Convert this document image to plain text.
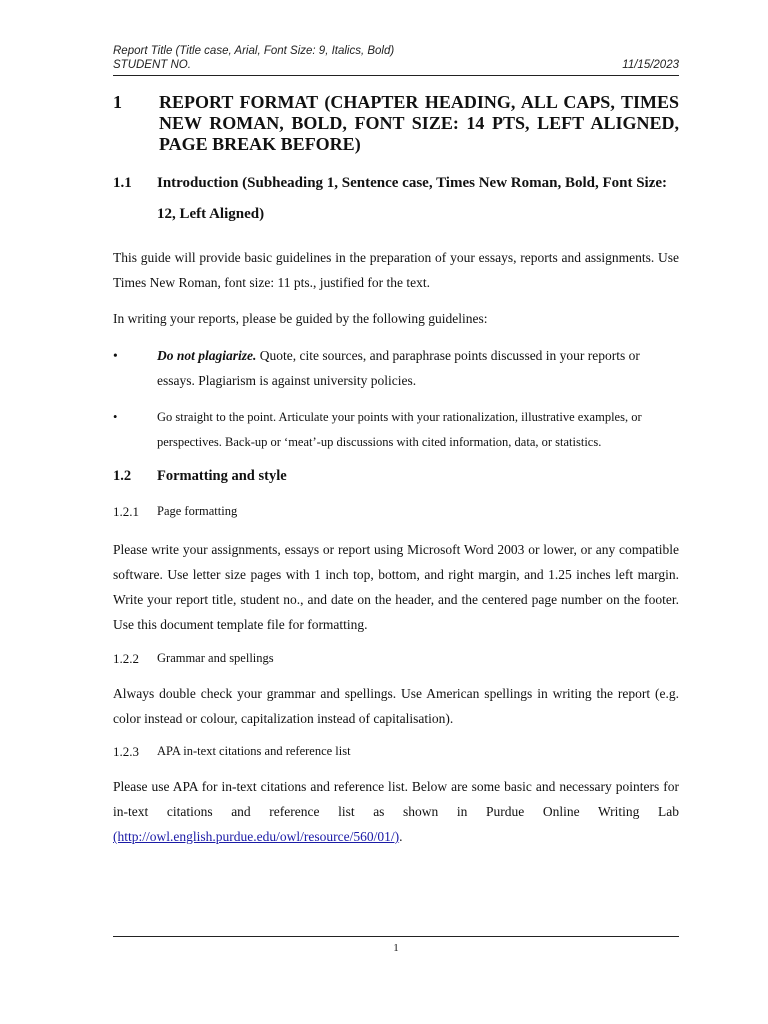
Report Title (Title case, Arial, Font Size: 9, Italics, Bold)
STUDENT NO.	11/15/2023
1	REPORT FORMAT (CHAPTER HEADING, ALL CAPS, TIMES NEW ROMAN, BOLD, FONT SIZE: 14 PTS, LEFT ALIGNED, PAGE BREAK BEFORE)
1.1	Introduction (Subheading 1, Sentence case, Times New Roman, Bold, Font Size: 12, Left Aligned)

This guide will provide basic guidelines in the preparation of your essays, reports and assignments. Use Times New Roman, font size: 11 pts., justified for the text.

In writing your reports, please be guided by the following guidelines:

•	Do not plagiarize. Quote, cite sources, and paraphrase points discussed in your reports or essays. Plagiarism is against university policies.
•	Go straight to the point. Articulate your points with your rationalization, illustrative examples, or perspectives. Back-up or ‘meat’-up discussions with cited information, data, or statistics.
1.2	Formatting and style
1.2.1	Page formatting

Please write your assignments, essays or report using Microsoft Word 2003 or lower, or any compatible software. Use letter size pages with 1 inch top, bottom, and right margin, and 1.25 inches left margin. Write your report title, student no., and date on the header, and the centered page number on the footer. Use this document template file for formatting.

1.2.2	Grammar and spellings

Always double check your grammar and spellings. Use American spellings in writing the report (e.g. color instead or colour, capitalization instead of capitalisation).

1.2.3	APA in-text citations and reference list

Please use APA for in-text citations and reference list. Below are some basic and necessary pointers for in-text citations and reference list as shown in Purdue Online Writing Lab (http://owl.english.purdue.edu/owl/resource/560/01/).

1
